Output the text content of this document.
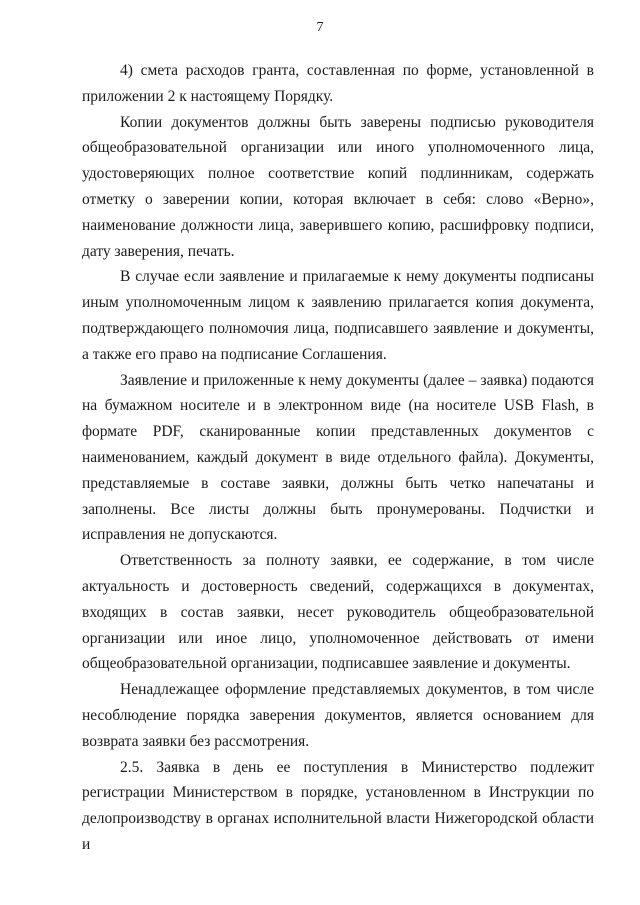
7

4) смета расходов гранта, составленная по форме, установленной в приложении 2 к настоящему Порядку.

Копии документов должны быть заверены подписью руководителя общеобразовательной организации или иного уполномоченного лица, удостоверяющих полное соответствие копий подлинникам, содержать отметку о заверении копии, которая включает в себя: слово «Верно», наименование должности лица, заверившего копию, расшифровку подписи, дату заверения, печать.

В случае если заявление и прилагаемые к нему документы подписаны иным уполномоченным лицом к заявлению прилагается копия документа, подтверждающего полномочия лица, подписавшего заявление и документы, а также его право на подписание Соглашения.

Заявление и приложенные к нему документы (далее – заявка) подаются на бумажном носителе и в электронном виде (на носителе USB Flash, в формате PDF, сканированные копии представленных документов с наименованием, каждый документ в виде отдельного файла). Документы, представляемые в составе заявки, должны быть четко напечатаны и заполнены. Все листы должны быть пронумерованы. Подчистки и исправления не допускаются.

Ответственность за полноту заявки, ее содержание, в том числе актуальность и достоверность сведений, содержащихся в документах, входящих в состав заявки, несет руководитель общеобразовательной организации или иное лицо, уполномоченное действовать от имени общеобразовательной организации, подписавшее заявление и документы.

Ненадлежащее оформление представляемых документов, в том числе несоблюдение порядка заверения документов, является основанием для возврата заявки без рассмотрения.

2.5. Заявка в день ее поступления в Министерство подлежит регистрации Министерством в порядке, установленном в Инструкции по делопроизводству в органах исполнительной власти Нижегородской области и
